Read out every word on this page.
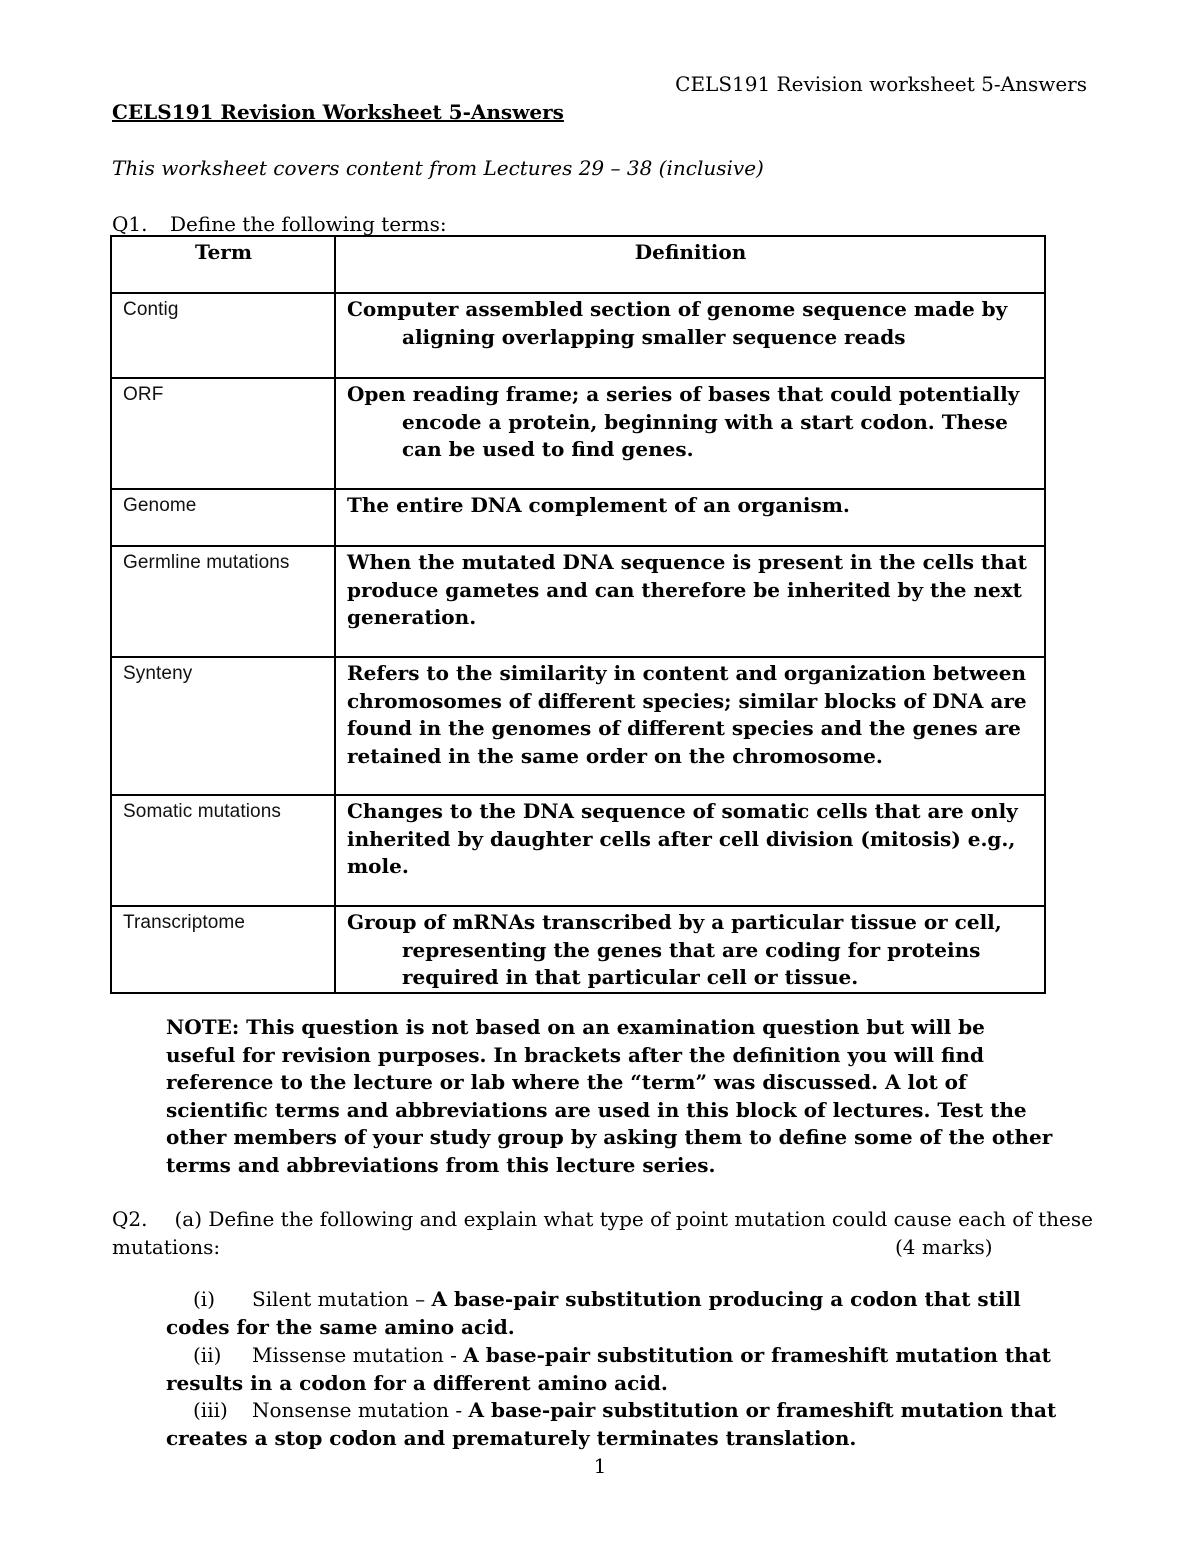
CELS191 Revision worksheet 5-Answers
CELS191 Revision Worksheet 5-Answers
This worksheet covers content from Lectures 29 – 38 (inclusive)
Q1. Define the following terms:
Term	Definition
Contig	Computer assembled section of genome sequence made by aligning overlapping smaller sequence reads

ORF	Open reading frame; a series of bases that could potentially encode a protein, beginning with a start codon. These can be used to find genes.

Genome	The entire DNA complement of an organism.
Germline mutations	When the mutated DNA sequence is present in the cells that produce gametes and can therefore be inherited by the next generation.
Synteny	Refers to the similarity in content and organization between chromosomes of different species; similar blocks of DNA are found in the genomes of different species and the genes are retained in the same order on the chromosome.
Somatic mutations	Changes to the DNA sequence of somatic cells that are only inherited by daughter cells after cell division (mitosis) e.g., mole.
Transcriptome	Group of mRNAs transcribed by a particular tissue or cell, representing the genes that are coding for proteins required in that particular cell or tissue.
NOTE: This question is not based on an examination question but will be useful for revision purposes. In brackets after the definition you will find reference to the lecture or lab where the “term” was discussed. A lot of scientific terms and abbreviations are used in this block of lectures. Test the other members of your study group by asking them to define some of the other terms and abbreviations from this lecture series.
Q2. (a) Define the following and explain what type of point mutation could cause each of these mutations:	(4 marks)
(i) Silent mutation – A base-pair substitution producing a codon that still codes for the same amino acid.
(ii) Missense mutation - A base-pair substitution or frameshift mutation that results in a codon for a different amino acid.
(iii) Nonsense mutation - A base-pair substitution or frameshift mutation that creates a stop codon and prematurely terminates translation.
1
